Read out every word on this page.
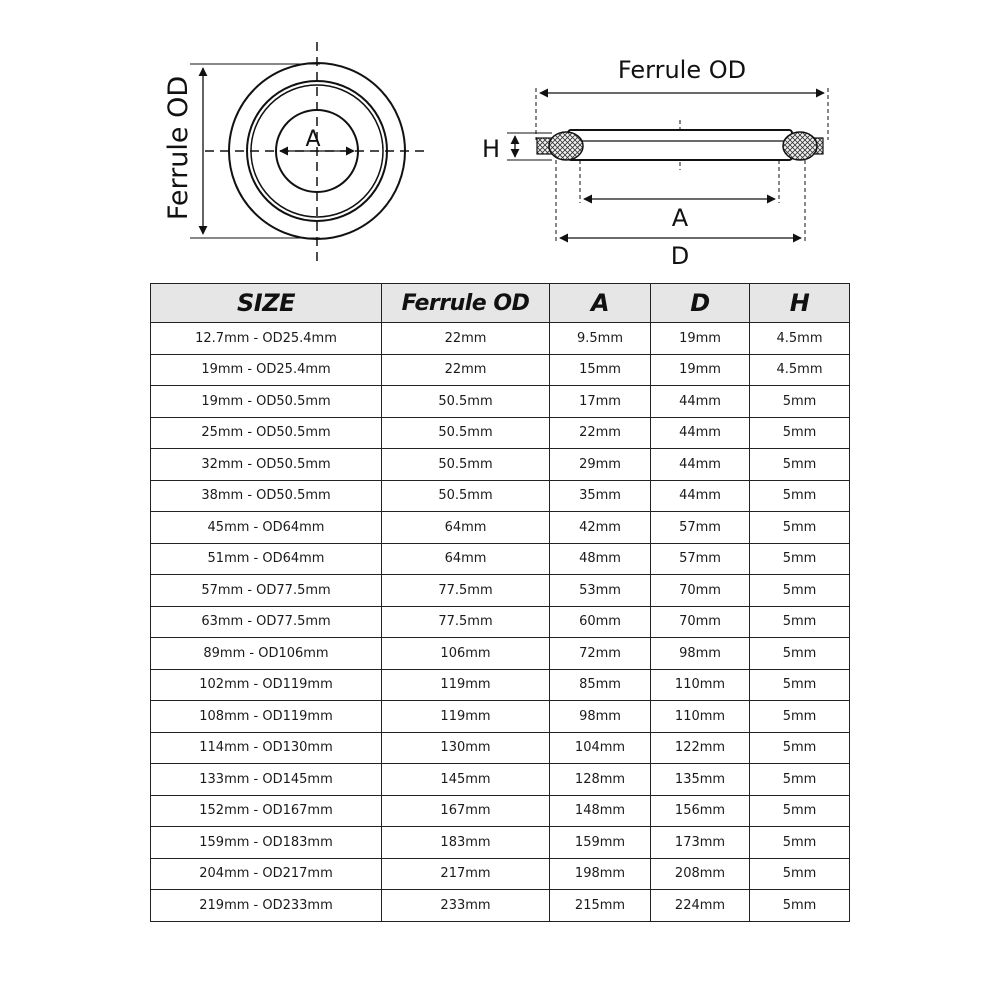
A
Ferrule OD
Ferrule OD
H
A
D
SIZE	Ferrule OD	A	D	H
12.7mm - OD25.4mm	22mm	9.5mm	19mm	4.5mm
19mm - OD25.4mm	22mm	15mm	19mm	4.5mm
19mm - OD50.5mm	50.5mm	17mm	44mm	5mm
25mm - OD50.5mm	50.5mm	22mm	44mm	5mm
32mm - OD50.5mm	50.5mm	29mm	44mm	5mm
38mm - OD50.5mm	50.5mm	35mm	44mm	5mm
45mm - OD64mm	64mm	42mm	57mm	5mm
51mm - OD64mm	64mm	48mm	57mm	5mm
57mm - OD77.5mm	77.5mm	53mm	70mm	5mm
63mm - OD77.5mm	77.5mm	60mm	70mm	5mm
89mm - OD106mm	106mm	72mm	98mm	5mm
102mm - OD119mm	119mm	85mm	110mm	5mm
108mm - OD119mm	119mm	98mm	110mm	5mm
114mm - OD130mm	130mm	104mm	122mm	5mm
133mm - OD145mm	145mm	128mm	135mm	5mm
152mm - OD167mm	167mm	148mm	156mm	5mm
159mm - OD183mm	183mm	159mm	173mm	5mm
204mm - OD217mm	217mm	198mm	208mm	5mm
219mm - OD233mm	233mm	215mm	224mm	5mm
